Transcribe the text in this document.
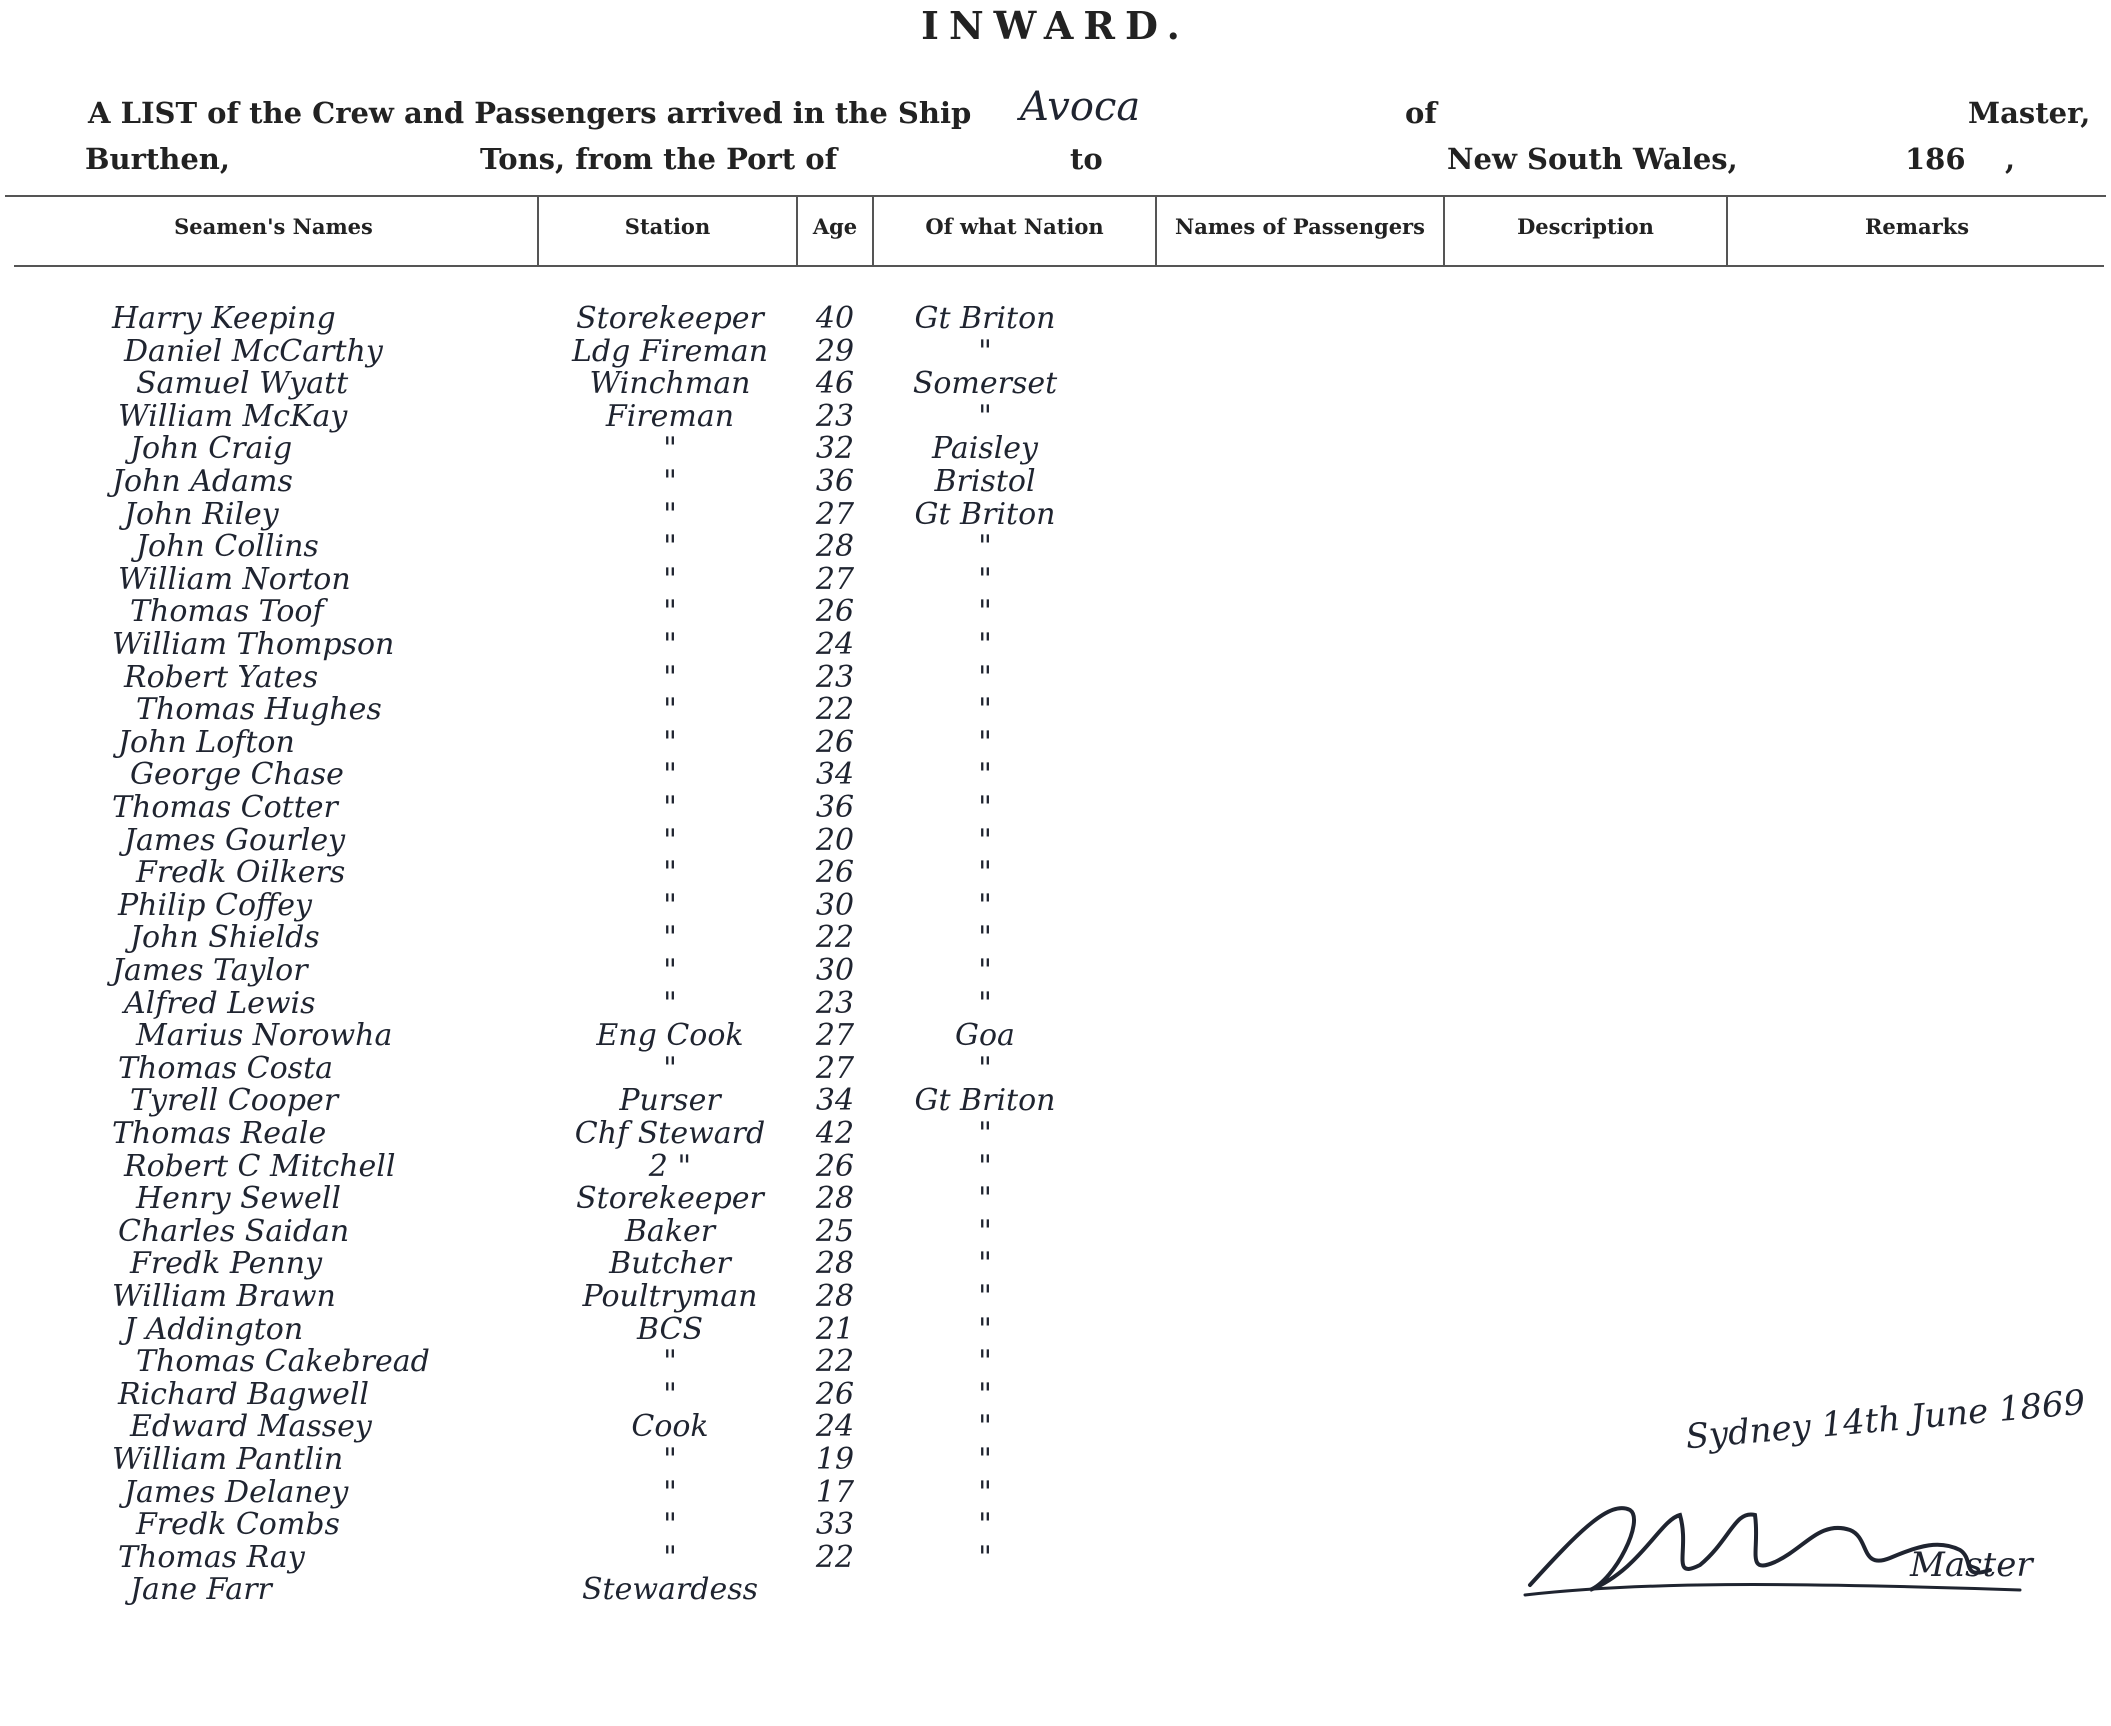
INWARD.
A LIST of the Crew and Passengers arrived in the Ship Avoca	of	Master,
Burthen,	Tons, from the Port of	to	New South Wales,	186 ,
Seamen's Names	Station	Age	Of what Nation	Names of Passengers	Description	Remarks
Harry Keeping	Storekeeper	40	Gt Briton
Daniel McCarthy	Ldg Fireman	29	"
Samuel Wyatt	Winchman	46	Somerset
William McKay	Fireman	23	"
John Craig	"	32	Paisley
John Adams	"	36	Bristol
John Riley	"	27	Gt Briton
John Collins	"	28	"
William Norton	"	27	"
Thomas Toof	"	26	"
William Thompson	"	24	"
Robert Yates	"	23	"
Thomas Hughes	"	22	"
John Lofton	"	26	"
George Chase	"	34	"
Thomas Cotter	"	36	"
James Gourley	"	20	"
Fredk Oilkers	"	26	"
Philip Coffey	"	30	"
John Shields	"	22	"
James Taylor	"	30	"
Alfred Lewis	"	23	"
Marius Norowha	Eng Cook	27	Goa
Thomas Costa	"	27	"
Tyrell Cooper	Purser	34	Gt Briton
Thomas Reale	Chf Steward	42	"
Robert C Mitchell	2 "	26	"
Henry Sewell	Storekeeper	28	"
Charles Saidan	Baker	25	"
Fredk Penny	Butcher	28	"
William Brawn	Poultryman	28	"
J Addington	BCS	21	"
Thomas Cakebread	"	22	"
Richard Bagwell	"	26	"
Edward Massey	Cook	24	"
William Pantlin	"	19	"
James Delaney	"	17	"
Fredk Combs	"	33	"
Thomas Ray	"	22	"
Jane Farr	Stewardess
Sydney 14th June 1869
Master
